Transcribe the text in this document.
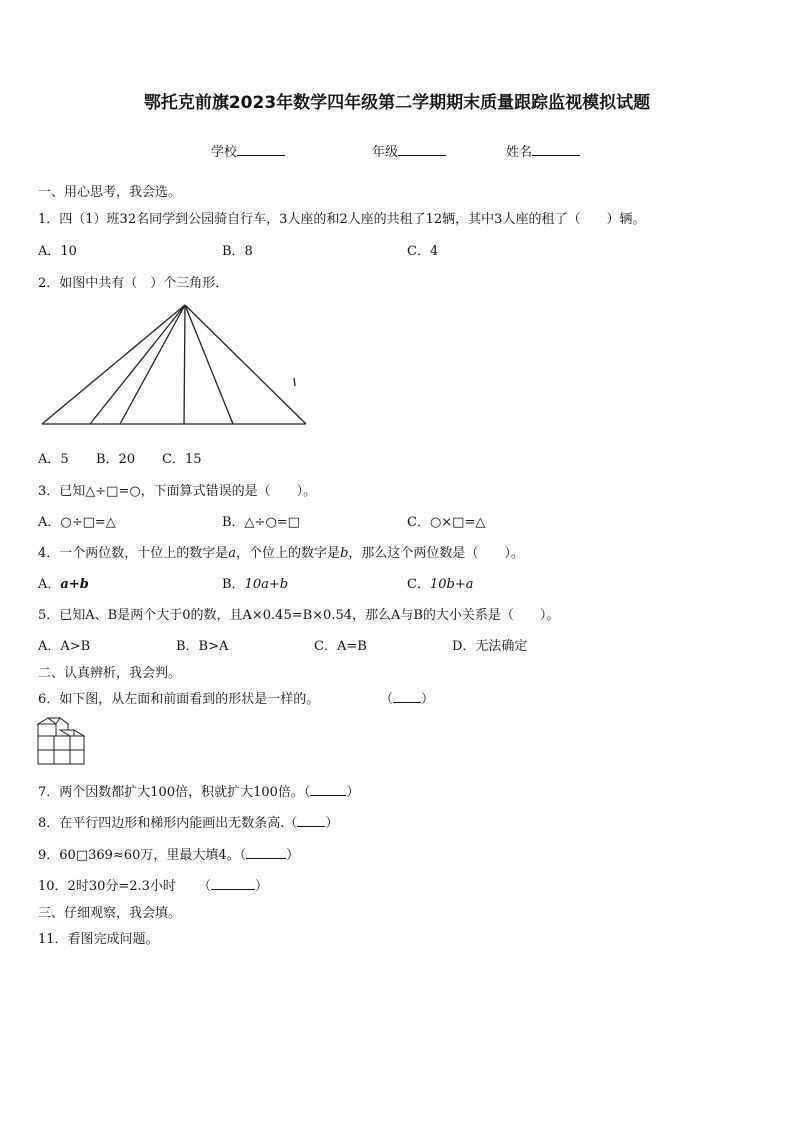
鄂托克前旗2023年数学四年级第二学期期末质量跟踪监视模拟试题
学校	年级	姓名
一、用心思考，我会选。
1．四（1）班32名同学到公园骑自行车，3人座的和2人座的共租了12辆，其中3人座的租了（　　）辆。
A．10	B．8	C．4
2．如图中共有（　）个三角形．
A．5 B．20 C．15
3．已知△÷□=○，下面算式错误的是（　　）。
A．○÷□=△	B．△÷○=□	C．○×□=△
4．一个两位数，十位上的数字是a，个位上的数字是b，那么这个两位数是（　　）。
A．a+b	B．10a+b	C．10b+a
5．已知A、B是两个大于0的数，且A×0.45=B×0.54，那么A与B的大小关系是（　　）。
A．A>B	B．B>A	C．A=B	D．无法确定
二、认真辨析，我会判。
6．如下图，从左面和前面看到的形状是一样的。	（ ）
7．两个因数都扩大100倍，积就扩大100倍。（	）
8．在平行四边形和梯形内能画出无数条高.（ ）
9．60□369≈60万，里最大填4。（	）
10．2时30分=2.3小时 （	）
三、仔细观察，我会填。
11．看图完成问题。
